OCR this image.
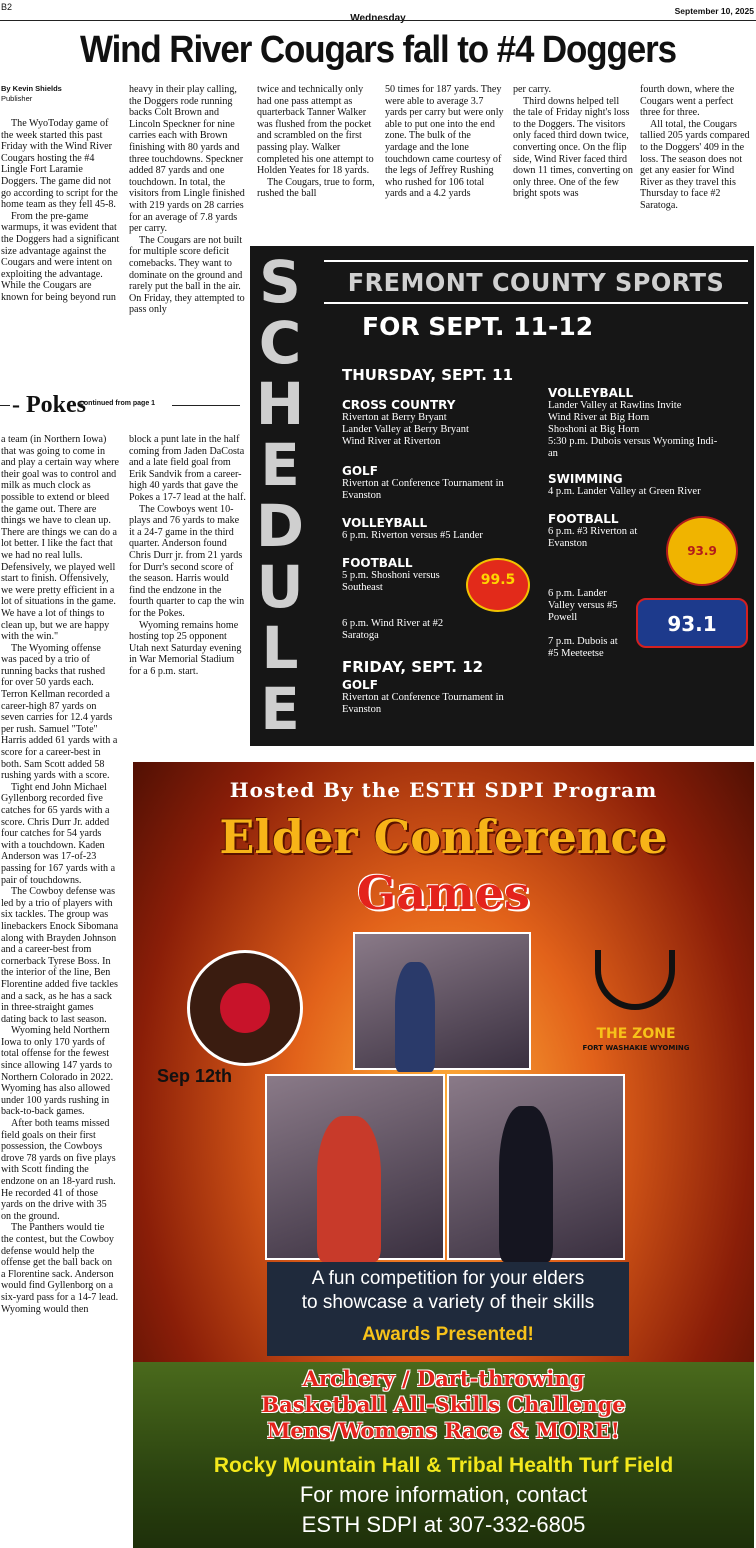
B2
Wednesday
September 10, 2025
Wind River Cougars fall to #4 Doggers
By Kevin Shields
Publisher

The WyoToday game of the week started this past Friday with the Wind River Cougars hosting the #4 Lingle Fort Laramie Doggers. The game did not go according to script for the home team as they fell 45-8.

From the pre-game warmups, it was evident that the Doggers had a significant size advantage against the Cougars and were intent on exploiting the advantage. While the Cougars are known for being beyond run

heavy in their play calling, the Doggers rode running backs Colt Brown and Lincoln Speckner for nine carries each with Brown finishing with 80 yards and three touchdowns. Speckner added 87 yards and one touchdown. In total, the visitors from Lingle finished with 219 yards on 28 carries for an average of 7.8 yards per carry.

The Cougars are not built for multiple score deficit comebacks. They want to dominate on the ground and rarely put the ball in the air. On Friday, they attempted to pass only

twice and technically only had one pass attempt as quarterback Tanner Walker was flushed from the pocket and scrambled on the first passing play. Walker completed his one attempt to Holden Yeates for 18 yards.

The Cougars, true to form, rushed the ball

50 times for 187 yards. They were able to average 3.7 yards per carry but were only able to put one into the end zone. The bulk of the yardage and the lone touchdown came courtesy of the legs of Jeffrey Rushing who rushed for 106 total yards and a 4.2 yards

per carry.

Third downs helped tell the tale of Friday night's loss to the Doggers. The visitors only faced third down twice, converting once. On the flip side, Wind River faced third down 11 times, converting on only three. One of the few bright spots was

fourth down, where the Cougars went a perfect three for three.

All total, the Cougars tallied 205 yards compared to the Doggers' 409 in the loss. The season does not get any easier for Wind River as they travel this Thursday to face #2 Saratoga.

- Pokes
continued from page 1

a team (in Northern Iowa) that was going to come in and play a certain way where their goal was to control and milk as much clock as possible to extend or bleed the game out. There are things we have to clean up. There are things we can do a lot better. I like the fact that we had no real lulls. Defensively, we played well start to finish. Offensively, we were pretty efficient in a lot of situations in the game. We have a lot of things to clean up, but we are happy with the win."

The Wyoming offense was paced by a trio of running backs that rushed for over 50 yards each. Terron Kellman recorded a career-high 87 yards on seven carries for 12.4 yards per rush. Samuel "Tote" Harris added 61 yards with a score for a career-best in both. Sam Scott added 58 rushing yards with a score.

Tight end John Michael Gyllenborg recorded five catches for 65 yards with a score. Chris Durr Jr. added four catches for 54 yards with a touchdown. Kaden Anderson was 17-of-23 passing for 167 yards with a pair of touchdowns.

The Cowboy defense was led by a trio of players with six tackles. The group was linebackers Enock Sibomana along with Brayden Johnson and a career-best from cornerback Tyrese Boss. In the interior of the line, Ben Florentine added five tackles and a sack, as he has a sack in three-straight games dating back to last season.

Wyoming held Northern Iowa to only 170 yards of total offense for the fewest since allowing 147 yards to Northern Colorado in 2022. Wyoming has also allowed under 100 yards rushing in back-to-back games.

After both teams missed field goals on their first possession, the Cowboys drove 78 yards on five plays with Scott finding the endzone on an 18-yard rush. He recorded 41 of those yards on the drive with 35 on the ground.

The Panthers would tie the contest, but the Cowboy defense would help the offense get the ball back on a Florentine sack. Anderson would find Gyllenborg on a six-yard pass for a 14-7 lead. Wyoming would then

block a punt late in the half coming from Jaden DaCosta and a late field goal from Erik Sandvik from a career-high 40 yards that gave the Pokes a 17-7 lead at the half.

The Cowboys went 10-plays and 76 yards to make it a 24-7 game in the third quarter. Anderson found Chris Durr jr. from 21 yards for Durr's second score of the season. Harris would find the endzone in the fourth quarter to cap the win for the Pokes.

Wyoming remains home hosting top 25 opponent Utah next Saturday evening in War Memorial Stadium for a 6 p.m. start.

S
C
H
E
D
U
L
E
FREMONT COUNTY SPORTS
FOR SEPT. 11-12
THURSDAY, SEPT. 11
CROSS COUNTRY
Riverton at Berry Bryant
Lander Valley at Berry Bryant
Wind River at Riverton
GOLF
Riverton at Conference Tournament in
Evanston
VOLLEYBALL
6 p.m. Riverton versus #5 Lander
FOOTBALL
5 p.m. Shoshoni versus
Southeast
6 p.m. Wind River at #2
Saratoga
FRIDAY, SEPT. 12
GOLF
Riverton at Conference Tournament in
Evanston
VOLLEYBALL
Lander Valley at Rawlins Invite
Wind River at Big Horn
Shoshoni at Big Horn
5:30 p.m. Dubois versus Wyoming Indi-
an
SWIMMING
4 p.m. Lander Valley at Green River
FOOTBALL
6 p.m. #3 Riverton at
Evanston
6 p.m. Lander
Valley versus #5
Powell
7 p.m. Dubois at
#5 Meeteetse
99.5
93.9
93.1
Hosted By the ESTH SDPI Program
Elder Conference
Games
THE ZONE
FORT WASHAKIE WYOMING
Sep 12th
A fun competition for your elders
to showcase a variety of their skills
Awards Presented!
Archery / Dart-throwing
Basketball All-Skills Challenge
Mens/Womens Race & MORE!
Rocky Mountain Hall & Tribal Health Turf Field
For more information, contact
ESTH SDPI at 307-332-6805
